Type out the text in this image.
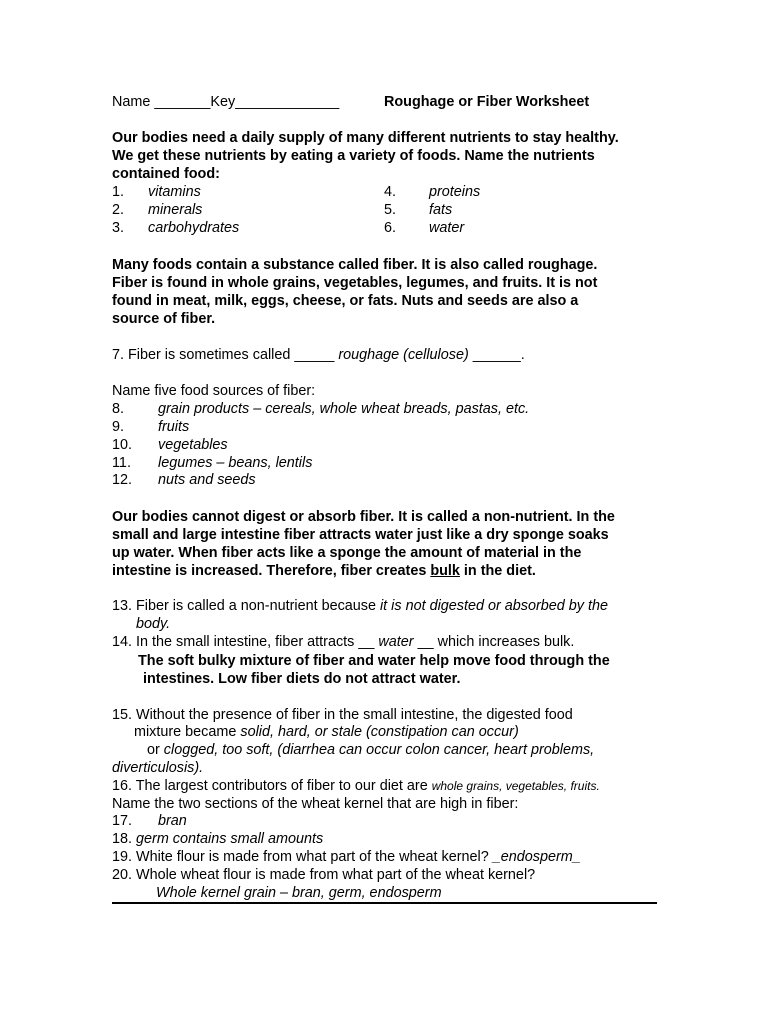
Name _______Key_____________	Roughage or Fiber Worksheet
Our bodies need a daily supply of many different nutrients to stay healthy.
We get these nutrients by eating a variety of foods. Name the nutrients
contained food:
1. vitamins
2. minerals
3. carbohydrates
4. proteins
5. fats
6. water
Many foods contain a substance called fiber. It is also called roughage.
Fiber is found in whole grains, vegetables, legumes, and fruits. It is not
found in meat, milk, eggs, cheese, or fats. Nuts and seeds are also a
source of fiber.
7. Fiber is sometimes called _____ roughage (cellulose) ______.
Name five food sources of fiber:
8. grain products – cereals, whole wheat breads, pastas, etc.
9. fruits
10. vegetables
11. legumes – beans, lentils
12. nuts and seeds
Our bodies cannot digest or absorb fiber. It is called a non-nutrient. In the
small and large intestine fiber attracts water just like a dry sponge soaks
up water. When fiber acts like a sponge the amount of material in the
intestine is increased. Therefore, fiber creates bulk in the diet.
13. Fiber is called a non-nutrient because it is not digested or absorbed by the
body.
14. In the small intestine, fiber attracts __ water __ which increases bulk.
The soft bulky mixture of fiber and water help move food through the
intestines. Low fiber diets do not attract water.
15. Without the presence of fiber in the small intestine, the digested food
mixture became solid, hard, or stale (constipation can occur)
or clogged, too soft, (diarrhea can occur colon cancer, heart problems,
diverticulosis).
16. The largest contributors of fiber to our diet are whole grains, vegetables, fruits.
Name the two sections of the wheat kernel that are high in fiber:
17. bran
18. germ contains small amounts
19. White flour is made from what part of the wheat kernel? _endosperm_
20. Whole wheat flour is made from what part of the wheat kernel?
Whole kernel grain – bran, germ, endosperm
